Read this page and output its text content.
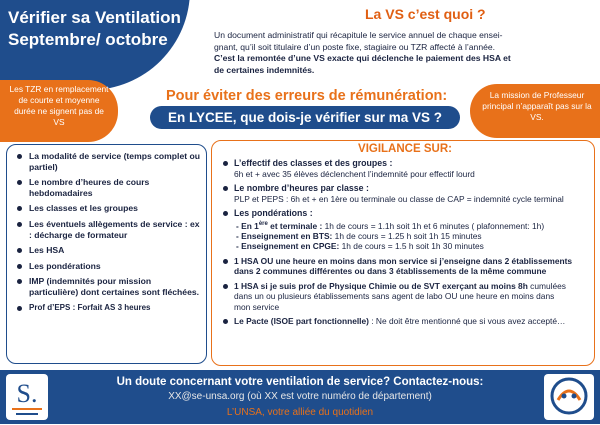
Vérifier sa Ventilation de service ( VS)
Septembre/ octobre
La VS c’est quoi ?
Un document administratif qui récapitule le service annuel de chaque ensei-
gnant, qu’il soit titulaire d’un poste fixe, stagiaire ou TZR affecté à l’année.
C’est la remontée d’une VS exacte qui déclenche le paiement des HSA et
de certaines indemnités.
Les TZR en remplacement de courte et moyenne durée ne signent pas de VS
La mission de Professeur principal n’apparaît pas sur la VS.
Pour éviter des erreurs de rémunération:
En LYCEE, que dois-je vérifier sur ma VS ?
La modalité de service (temps complet ou partiel)
Le nombre d’heures de cours hebdomadaires
Les classes et les groupes
Les éventuels allègements de service : ex : décharge de formateur
Les HSA
Les pondérations
IMP (indemnités pour mission particulière) dont certaines sont fléchées.
Prof d’EPS : Forfait AS 3 heures
VIGILANCE SUR:
L’effectif des classes et des groupes :
6h et + avec 35 élèves déclenchent l’indemnité pour effectif lourd
Le nombre d’heures par classe :
PLP et PEPS : 6h et + en 1ère ou terminale ou classe de CAP = indemnité cycle terminal
Les pondérations :
- En 1ère et terminale : 1h de cours = 1.1h soit 1h et 6 minutes ( plafonnement: 1h)
- Enseignement en BTS: 1h de cours = 1.25 h soit 1h 15 minutes
- Enseignement en CPGE: 1h de cours = 1.5 h soit 1h 30 minutes
1 HSA OU une heure en moins dans mon service si j’enseigne dans 2 établissements
dans 2 communes différentes ou dans 3 établissements de la même commune
1 HSA si je suis prof de Physique Chimie ou de SVT exerçant au moins 8h cumulées
dans un ou plusieurs établissements sans agent de labo OU une heure en moins dans
mon service
Le Pacte (ISOE part fonctionnelle) : Ne doit être mentionné que si vous avez accepté…
S.	Un doute concernant votre ventilation de service? Contactez-nous:
XX@se-unsa.org (où XX est votre numéro de département)
L’UNSA, votre alliée du quotidien
